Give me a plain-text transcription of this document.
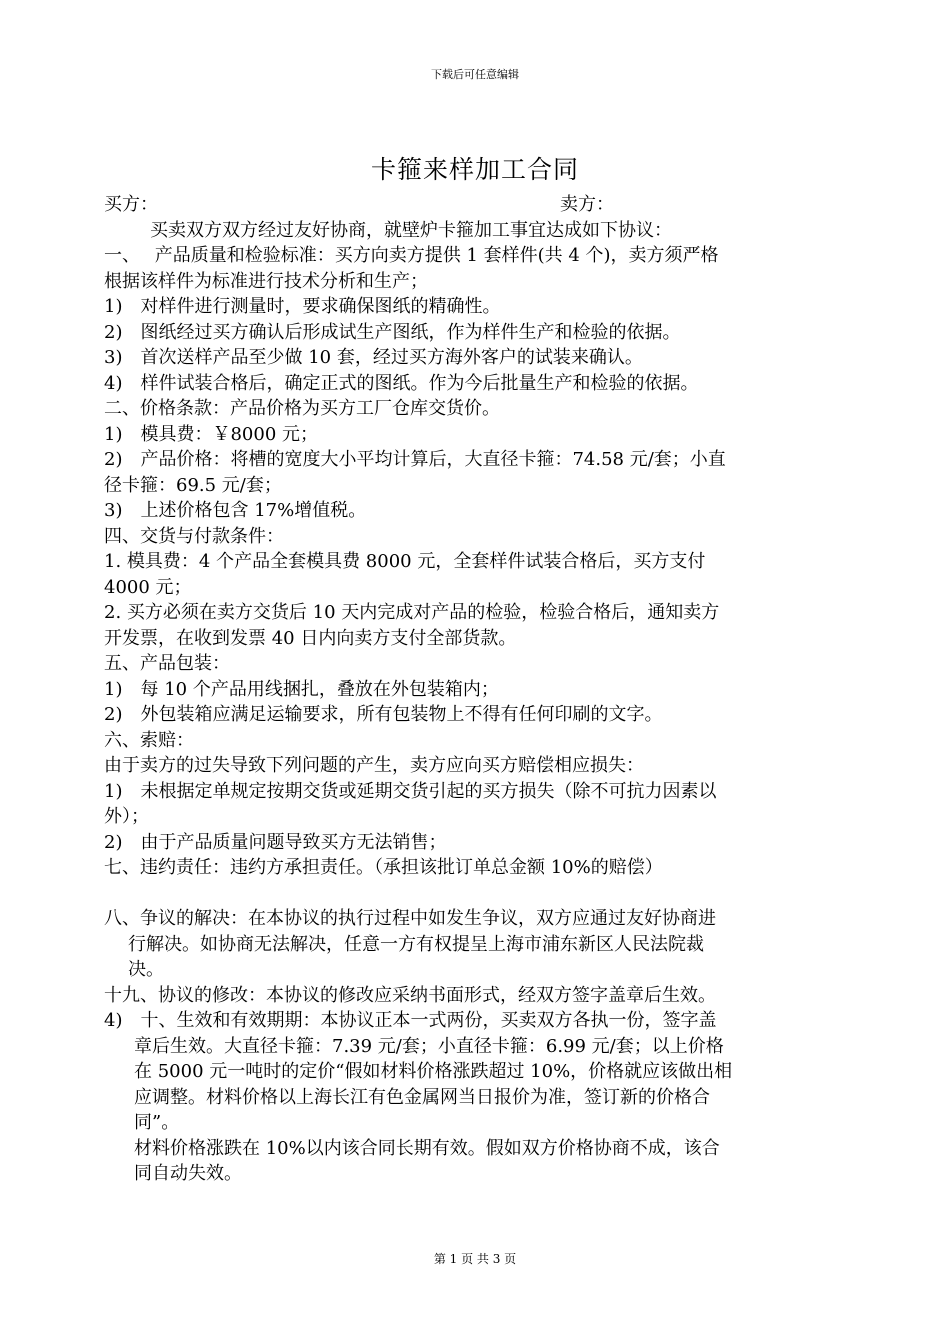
下载后可任意编辑
卡箍来样加工合同
买方：	卖方：
买卖双方双方经过友好协商，就壁炉卡箍加工事宜达成如下协议：
一、　 产品质量和检验标准：买方向卖方提供 1 套样件(共 4 个)，卖方须严格
根据该样件为标准进行技术分析和生产；
1)　对样件进行测量时，要求确保图纸的精确性。
2)　图纸经过买方确认后形成试生产图纸，作为样件生产和检验的依据。
3)　首次送样产品至少做 10 套，经过买方海外客户的试装来确认。
4)　样件试装合格后，确定正式的图纸。作为今后批量生产和检验的依据。
二、价格条款：产品价格为买方工厂仓库交货价。
1)　模具费：￥8000 元；
2)　产品价格：将槽的宽度大小平均计算后，大直径卡箍：74.58 元/套；小直
径卡箍：69.5 元/套；
3)　上述价格包含 17%增值税。
四、交货与付款条件：
1. 模具费：4 个产品全套模具费 8000 元，全套样件试装合格后，买方支付
4000 元；
2. 买方必须在卖方交货后 10 天内完成对产品的检验，检验合格后，通知卖方
开发票，在收到发票 40 日内向卖方支付全部货款。
五、产品包装：
1)　每 10 个产品用线捆扎，叠放在外包装箱内；
2)　外包装箱应满足运输要求，所有包装物上不得有任何印刷的文字。
六、索赔：
由于卖方的过失导致下列问题的产生，卖方应向买方赔偿相应损失：
1)　未根据定单规定按期交货或延期交货引起的买方损失（除不可抗力因素以
外）；
2)　由于产品质量问题导致买方无法销售；
七、违约责任：违约方承担责任。（承担该批订单总金额 10%的赔偿）
八、争议的解决：在本协议的执行过程中如发生争议，双方应通过友好协商进
行解决。如协商无法解决，任意一方有权提呈上海市浦东新区人民法院裁
决。
十九、协议的修改：本协议的修改应采纳书面形式，经双方签字盖章后生效。
4)　十、生效和有效期期：本协议正本一式两份，买卖双方各执一份，签字盖
章后生效。大直径卡箍：7.39 元/套；小直径卡箍：6.99 元/套；以上价格
在 5000 元一吨时的定价“假如材料价格涨跌超过 10%，价格就应该做出相
应调整。材料价格以上海长江有色金属网当日报价为准，签订新的价格合
同”。
材料价格涨跌在 10%以内该合同长期有效。假如双方价格协商不成，该合
同自动失效。
第 1 页 共 3 页
